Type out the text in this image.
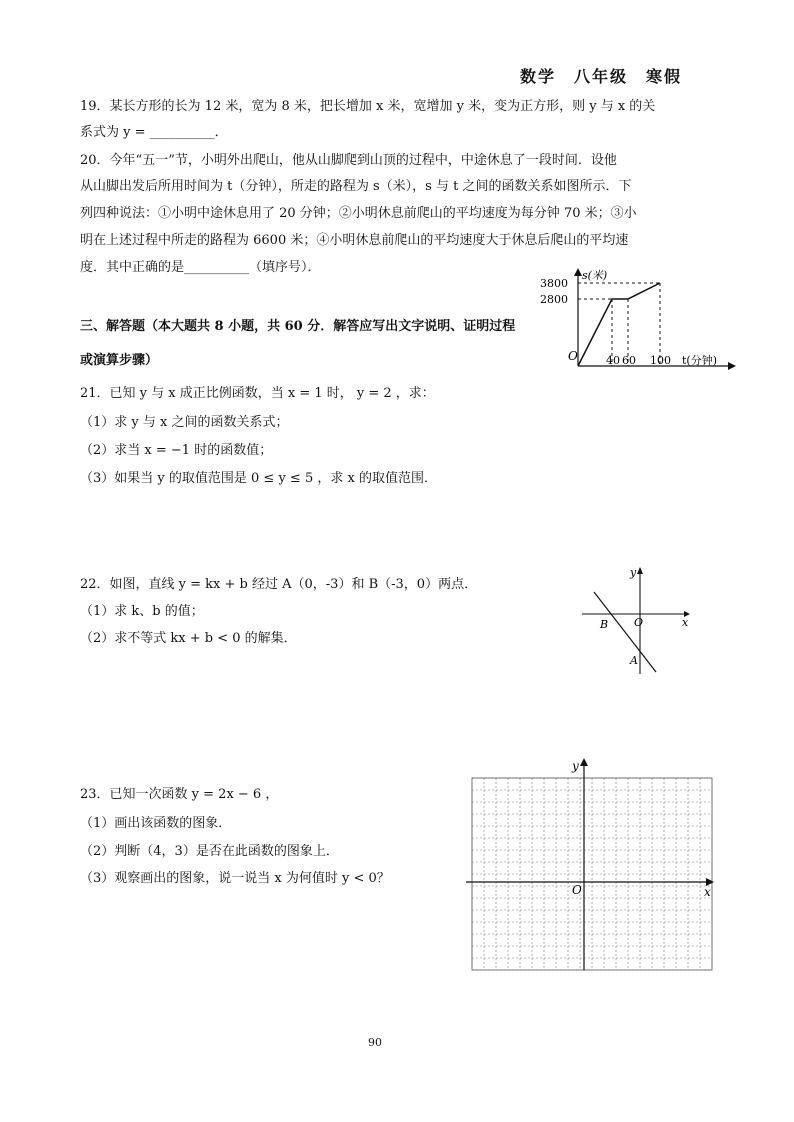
数学　八年级　寒假
19．某长方形的长为 12 米，宽为 8 米，把长增加 x 米，宽增加 y 米，变为正方形，则 y 与 x 的关
系式为 y = __________．
20．今年“五一”节，小明外出爬山，他从山脚爬到山顶的过程中，中途休息了一段时间．设他
从山脚出发后所用时间为 t（分钟），所走的路程为 s（米），s 与 t 之间的函数关系如图所示．下
列四种说法：①小明中途休息用了 20 分钟；②小明休息前爬山的平均速度为每分钟 70 米；③小
明在上述过程中所走的路程为 6600 米；④小明休息前爬山的平均速度大于休息后爬山的平均速
度．其中正确的是__________（填序号）．
s(米)
3800
2800
O	40 60 100 t(分钟)
三、解答题（本大题共 8 小题，共 60 分．解答应写出文字说明、证明过程
或演算步骤）
21．已知 y 与 x 成正比例函数，当 x = 1 时， y = 2 ，求：
（1）求 y 与 x 之间的函数关系式；
（2）求当 x = −1 时的函数值；
（3）如果当 y 的取值范围是 0 ≤ y ≤ 5 ，求 x 的取值范围．
22．如图，直线 y = kx + b 经过 A（0，-3）和 B（-3，0）两点．
（1）求 k、b 的值；
（2）求不等式 kx + b < 0 的解集．
y
x
O
B
A
23．已知一次函数 y = 2x − 6 ，
（1）画出该函数的图象．
（2）判断（4，3）是否在此函数的图象上．
（3）观察画出的图象，说一说当 x 为何值时 y < 0？
y
x
O
90
